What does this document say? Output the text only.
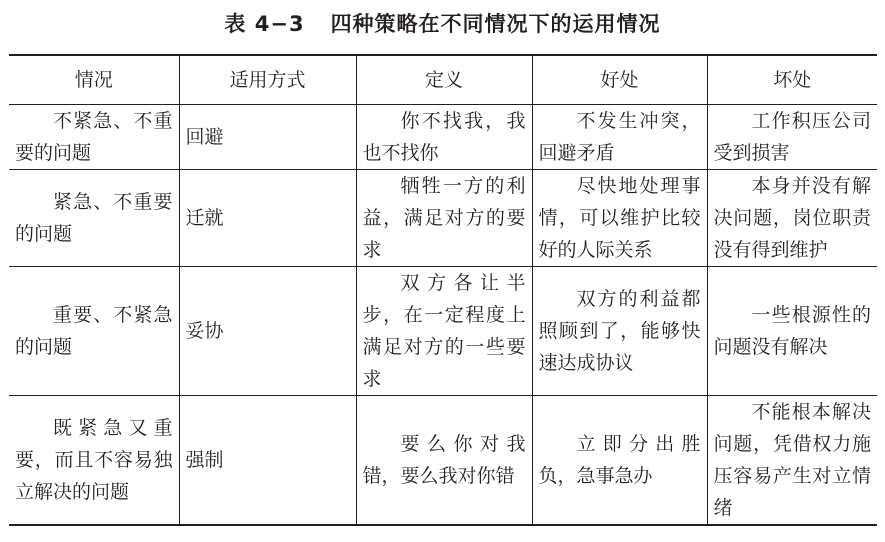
表 4−3 四种策略在不同情况下的运用情况
情况	适用方式	定义	好处	坏处
不紧急、不重要的问题	回避	你不找我，我也不找你	不发生冲突，回避矛盾	工作积压公司受到损害
紧急、不重要的问题	迁就	牺牲一方的利益，满足对方的要求	尽快地处理事情，可以维护比较好的人际关系	本身并没有解决问题，岗位职责没有得到维护
重要、不紧急的问题	妥协	双方各让半步，在一定程度上满足对方的一些要求	双方的利益都照顾到了，能够快速达成协议	一些根源性的问题没有解决
既紧急又重要，而且不容易独立解决的问题	强制	要么你对我错，要么我对你错	立即分出胜负，急事急办	不能根本解决问题，凭借权力施压容易产生对立情绪
